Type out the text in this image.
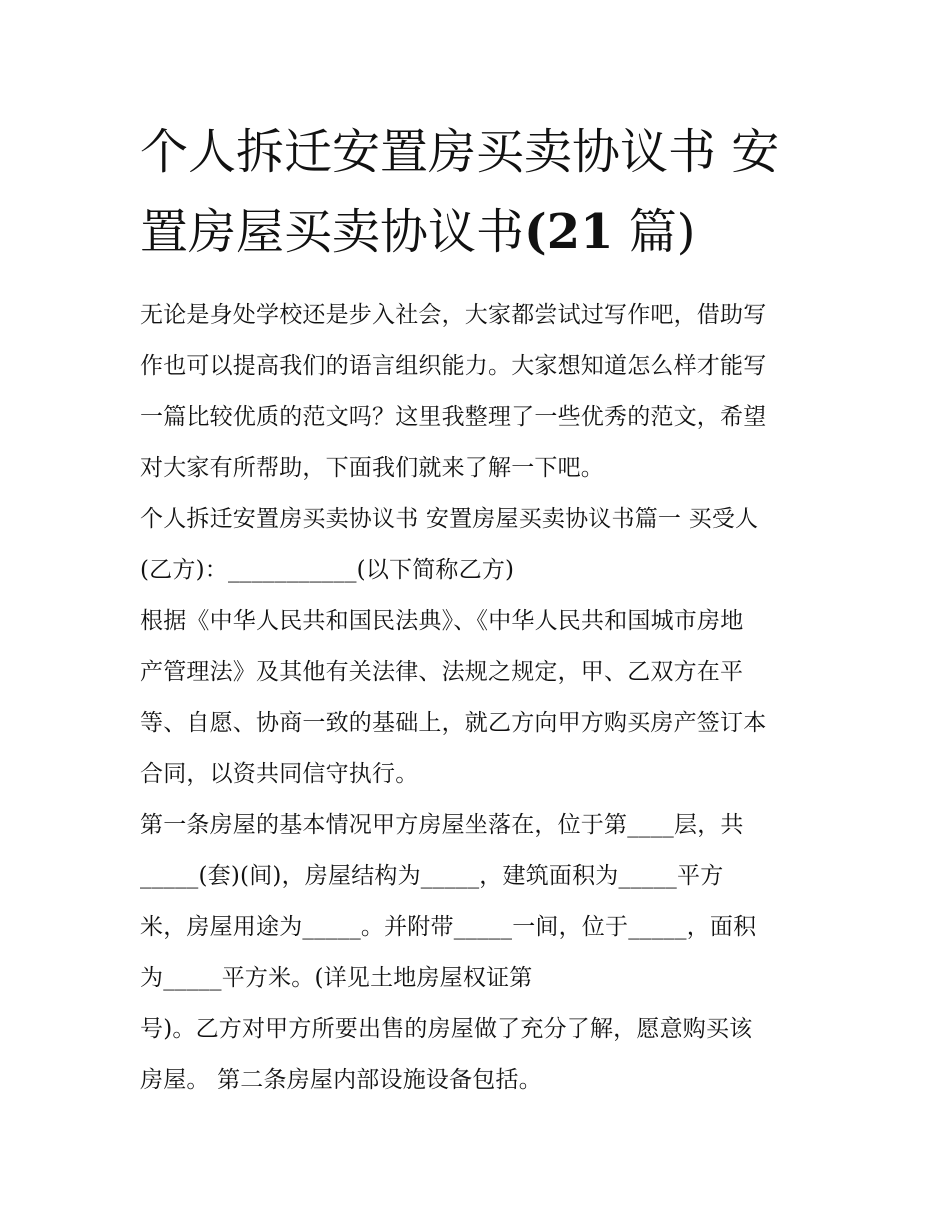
个人拆迁安置房买卖协议书 安
置房屋买卖协议书(21 篇)

无论是身处学校还是步入社会，大家都尝试过写作吧，借助写
作也可以提高我们的语言组织能力。大家想知道怎么样才能写
一篇比较优质的范文吗？这里我整理了一些优秀的范文，希望
对大家有所帮助，下面我们就来了解一下吧。

个人拆迁安置房买卖协议书 安置房屋买卖协议书篇一 买受人
(乙方)：___________(以下简称乙方)

根据《中华人民共和国民法典》、《中华人民共和国城市房地
产管理法》及其他有关法律、法规之规定，甲、乙双方在平
等、自愿、协商一致的基础上，就乙方向甲方购买房产签订本
合同，以资共同信守执行。

第一条房屋的基本情况甲方房屋坐落在，位于第____层，共
_____(套)(间)，房屋结构为_____，建筑面积为_____平方
米，房屋用途为_____。并附带_____一间，位于_____，面积
为_____平方米。(详见土地房屋权证第

号)。乙方对甲方所要出售的房屋做了充分了解，愿意购买该
房屋。 第二条房屋内部设施设备包括。
